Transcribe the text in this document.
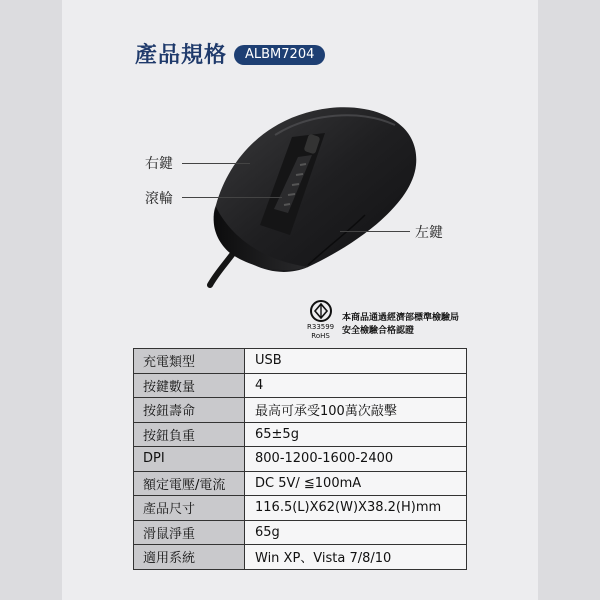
產品規格	ALBM7204
右鍵
滾輪
左鍵
R33599
RoHS
本商品通過經濟部標準檢驗局
安全檢驗合格認證
充電類型	USB
按鍵數量	4
按鈕壽命	最高可承受100萬次敲擊
按鈕負重	65±5g
DPI	800-1200-1600-2400
額定電壓/電流	DC 5V/ ≦100mA
產品尺寸	116.5(L)X62(W)X38.2(H)mm
滑鼠淨重	65g
適用系統	Win XP、Vista 7/8/10
